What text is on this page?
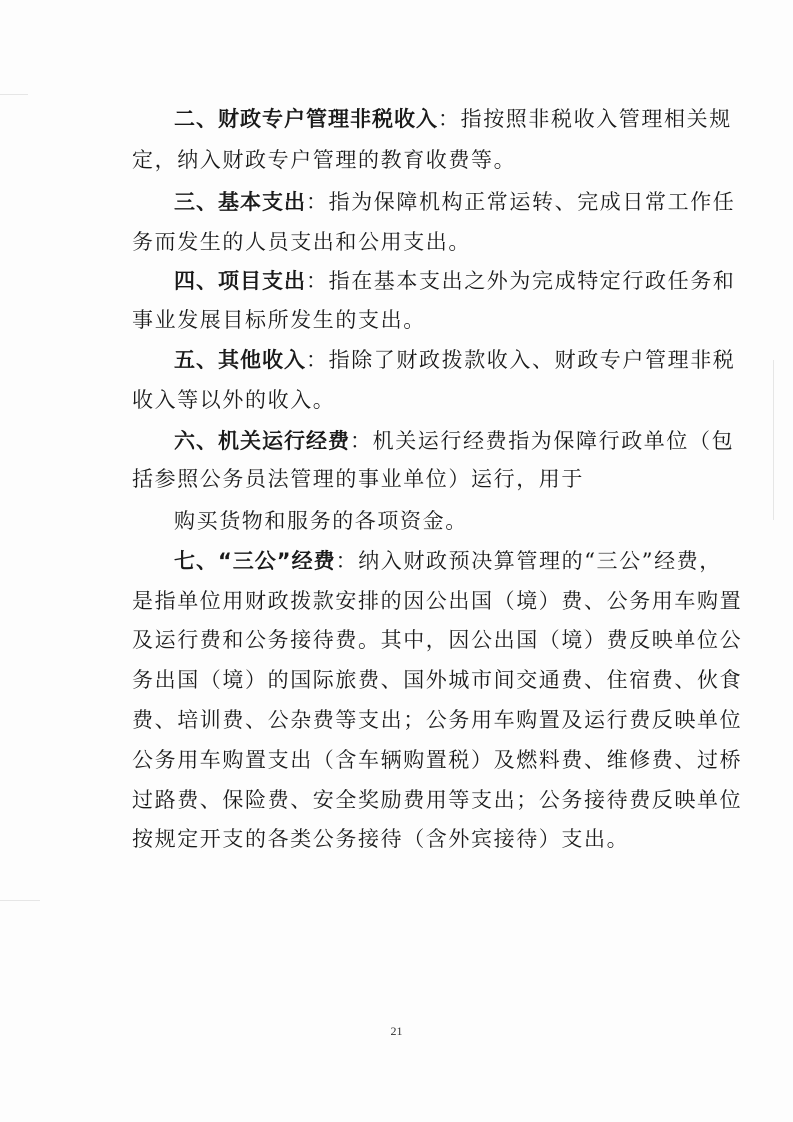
二、财政专户管理非税收入：指按照非税收入管理相关规
定，纳入财政专户管理的教育收费等。
三、基本支出：指为保障机构正常运转、完成日常工作任
务而发生的人员支出和公用支出。
四、项目支出：指在基本支出之外为完成特定行政任务和
事业发展目标所发生的支出。
五、其他收入：指除了财政拨款收入、财政专户管理非税
收入等以外的收入。
六、机关运行经费：机关运行经费指为保障行政单位（包
括参照公务员法管理的事业单位）运行，用于
购买货物和服务的各项资金。
七、“三公”经费：纳入财政预决算管理的“三公”经费，
是指单位用财政拨款安排的因公出国（境）费、公务用车购置
及运行费和公务接待费。其中，因公出国（境）费反映单位公
务出国（境）的国际旅费、国外城市间交通费、住宿费、伙食
费、培训费、公杂费等支出；公务用车购置及运行费反映单位
公务用车购置支出（含车辆购置税）及燃料费、维修费、过桥
过路费、保险费、安全奖励费用等支出；公务接待费反映单位
按规定开支的各类公务接待（含外宾接待）支出。
21
